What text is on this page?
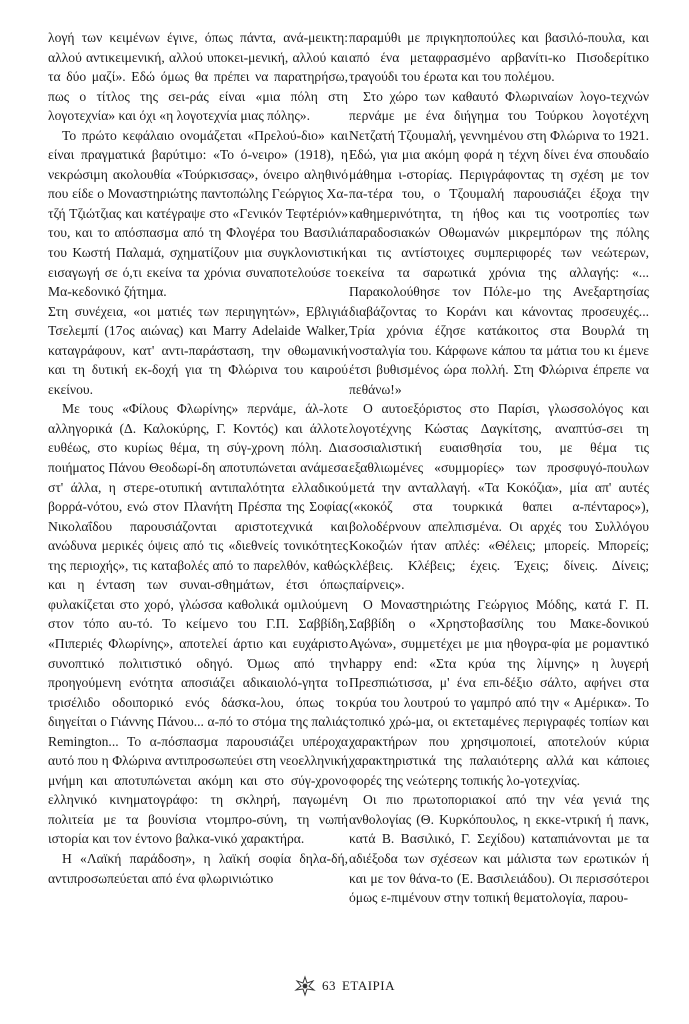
λογή των κειμένων έγινε, όπως πάντα, ανά-μεικτη: αλλού αντικειμενική, αλλού υποκει-μενική, αλλού και τα δύο μαζί». Εδώ όμως θα πρέπει να παρατηρήσω, πως ο τίτλος της σει-ράς είναι «μια πόλη στη λογοτεχνία» και όχι «η λογοτεχνία μιας πόλης».

Το πρώτο κεφάλαιο ονομάζεται «Πρελού-διο» και είναι πραγματικά βαρύτιμο: «Το ό-νειρο» (1918), η νεκρώσιμη ακολουθία «Τούρκισσας», όνειρο αληθινό που είδε ο Μοναστηριώτης παντοπώλης Γεώργιος Χα-τζή Τζιώτζιας και κατέγραψε στο «Γενικόν Τεφτέριόν» του, και το απόσπασμα από τη Φλογέρα του Βασιλιά του Κωστή Παλαμά, σχηματίζουν μια συγκλονιστική εισαγωγή σε ό,τι εκείνα τα χρόνια συναποτελούσε το Μα-κεδονικό ζήτημα.

Στη συνέχεια, «οι ματιές των περιηγητών», Εβλιγιά Τσελεμπί (17ος αιώνας) και Marry Adelaide Walker, καταγράφουν, κατ' αντι-παράσταση, την οθωμανική και τη δυτική εκ-δοχή για τη Φλώρινα του καιρού εκείνου.

Με τους «Φίλους Φλωρίνης» περνάμε, άλ-λοτε αλληγορικά (Δ. Καλοκύρης, Γ. Κοντός) και άλλοτε ευθέως, στο κυρίως θέμα, τη σύγ-χρονη πόλη. Δια ποιήματος Πάνου Θεοδωρί-δη αποτυπώνεται ανάμεσα στ' άλλα, η στερε-οτυπική αντιπαλότητα ελλαδικού βορρά-νότου, ενώ στον Πλανήτη Πρέσπα της Σοφίας Νικολαΐδου παρουσιάζονται αριστοτεχνικά και ανώδυνα μερικές όψεις από τις «διεθνείς τονικότητες της περιοχής», τις καταβολές από το παρελθόν, καθώς και η ένταση των συναι-σθημάτων, έτσι όπως φυλακίζεται στο χορό, γλώσσα καθολικά ομιλούμενη στον τόπο αυ-τό. Το κείμενο του Γ.Π. Σαββίδη, «Πιπεριές Φλωρίνης», αποτελεί άρτιο και ευχάριστο συνοπτικό πολιτιστικό οδηγό. Όμως από την προηγούμενη ενότητα αποσιάζει αδικαιολό-γητα το τρισέλιδο οδοιπορικό ενός δάσκα-λου, όπως το διηγείται ο Γιάννης Πάνου... α-πό το στόμα της παλιάς Remington... Το α-πόσπασμα παρουσιάζει υπέροχα αυτό που η Φλώρινα αντιπροσωπεύει στη νεοελληνική μνήμη και αποτυπώνεται ακόμη και στο σύγ-χρονο ελληνικό κινηματογράφο: τη σκληρή, παγωμένη πολιτεία με τα βουνίσια ντομπρο-σύνη, τη νωπή ιστορία και τον έντονο βαλκα-νικό χαρακτήρα.

Η «Λαϊκή παράδοση», η λαϊκή σοφία δηλα-δή, αντιπροσωπεύεται από ένα φλωρινιώτικο

παραμύθι με πριγκηποπούλες και βασιλό-πουλα, και από ένα μεταφρασμένο αρβανίτι-κο Πισοδερίτικο τραγούδι του έρωτα και του πολέμου.

Στο χώρο των καθαυτό Φλωριναίων λογο-τεχνών περνάμε με ένα διήγημα του Τούρκου λογοτέχνη Νετζατή Τζουμαλή, γεννημένου στη Φλώρινα το 1921. Εδώ, για μια ακόμη φορά η τέχνη δίνει ένα σπουδαίο μάθημα ι-στορίας. Περιγράφοντας τη σχέση με τον πα-τέρα του, ο Τζουμαλή παρουσιάζει έξοχα την καθημερινότητα, τη ήθος και τις νοοτροπίες των παραδοσιακών Οθωμανών μικρεμπόρων της πόλης και τις αντίστοιχες συμπεριφορές των νεώτερων, εκείνα τα σαρωτικά χρόνια της αλλαγής: «... Παρακολούθησε τον Πόλε-μο της Ανεξαρτησίας διαβάζοντας το Κοράνι και κάνοντας προσευχές... Τρία χρόνια έζησε κατάκοιτος στα Βουρλά τη νοσταλγία του. Κάρφωνε κάπου τα μάτια του κι έμενε έτσι βυθισμένος ώρα πολλή. Στη Φλώρινα έπρεπε να πεθάνω!»

Ο αυτοεξόριστος στο Παρίσι, γλωσσολόγος και λογοτέχνης Κώστας Δαγκίτσης, αναπτύσ-σει τη σοσιαλιστική ευαισθησία του, με θέμα τις εξαθλιωμένες «συμμορίες» των προσφυγό-πουλων μετά την ανταλλαγή. «Τα Κοκόζια», μία απ' αυτές («κοκόζ στα τουρκικά θαπει α-πένταρος»), βολοδέρνουν απελπισμένα. Οι αρχές του Συλλόγου Κοκοζιών ήταν απλές: «Θέλεις; μπορείς. Μπορείς; κλέβεις. Κλέβεις; έχεις. Έχεις; δίνεις. Δίνεις; παίρνεις».

Ο Μοναστηριώτης Γεώργιος Μόδης, κατά Γ. Π. Σαββίδη ο «Χρηστοβασίλης του Μακε-δονικού Αγώνα», συμμετέχει με μια ηθογρα-φία με ρομαντικό happy end: «Στα κρύα της λίμνης» η λυγερή Πρεσπιώτισσα, μ' ένα επι-δέξιο σάλτο, αφήνει στα κρύα του λουτρού το γαμπρό από την « Αμέρικα». Το τοπικό χρώ-μα, οι εκτεταμένες περιγραφές τοπίων και χαρακτήρων που χρησιμοποιεί, αποτελούν κύρια χαρακτηριστικά της παλαιότερης αλλά και κάποιες φορές της νεώτερης τοπικής λο-γοτεχνίας.

Οι πιο πρωτοποριακοί από την νέα γενιά της ανθολογίας (Θ. Κυρκόπουλος, η εκκε-ντρική ή πανκ, κατά Β. Βασιλικό, Γ. Σεχίδου) καταπιάνονται με τα αδιέξοδα των σχέσεων και μάλιστα των ερωτικών ή και με τον θάνα-το (Ε. Βασιλειάδου). Οι περισσότεροι όμως ε-πιμένουν στην τοπική θεματολογία, παρου-

63 ΕΤΑΙΡΙΑ
